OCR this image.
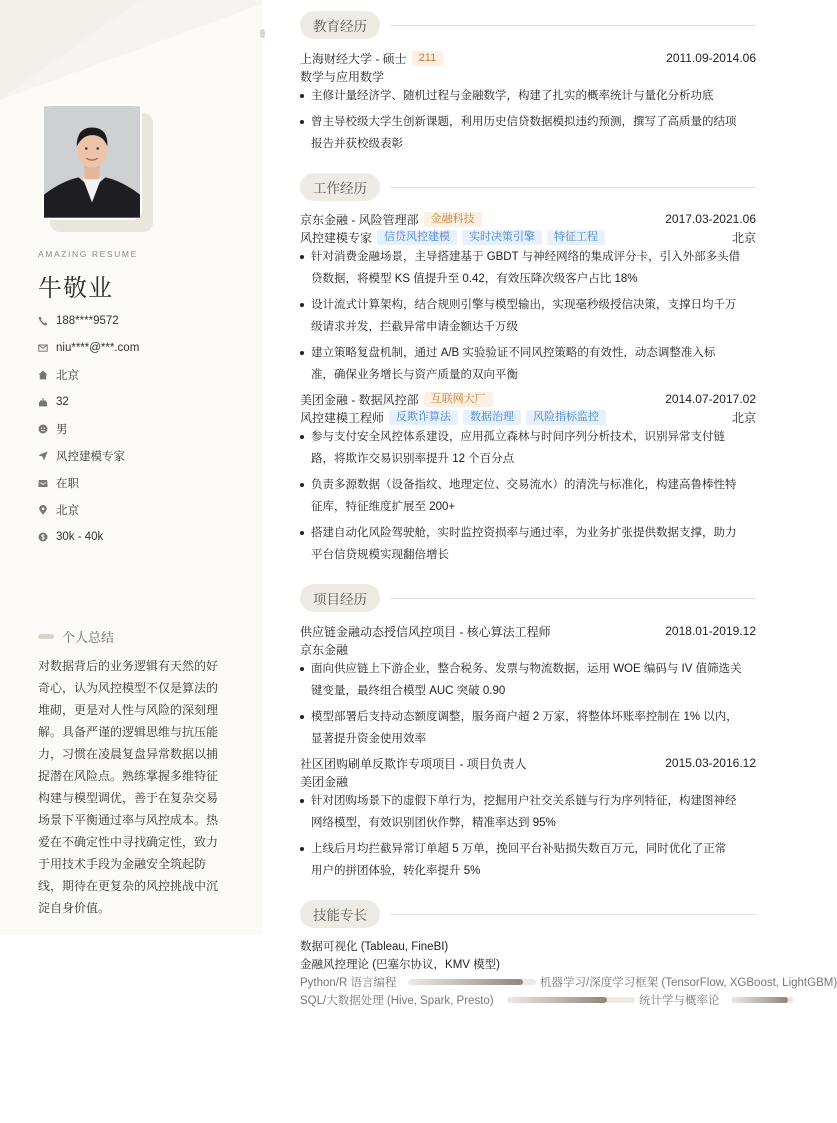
AMAZING RESUME
牛敬业
188****9572
niu****@***.com
北京
32
男
风控建模专家
在职
北京
30k - 40k
个人总结
对数据背后的业务逻辑有天然的好
奇心，认为风控模型不仅是算法的
堆砌，更是对人性与风险的深刻理
解。具备严谨的逻辑思维与抗压能
力，习惯在凌晨复盘异常数据以捕
捉潜在风险点。熟练掌握多维特征
构建与模型调优，善于在复杂交易
场景下平衡通过率与风控成本。热
爱在不确定性中寻找确定性，致力
于用技术手段为金融安全筑起防
线，期待在更复杂的风控挑战中沉
淀自身价值。
教育经历
上海财经大学 - 硕士	211	2011.09-2014.06
数学与应用数学
主修计量经济学、随机过程与金融数学，构建了扎实的概率统计与量化分析功底
曾主导校级大学生创新课题，利用历史信贷数据模拟违约预测，撰写了高质量的结项
报告并获校级表彰
工作经历
京东金融 - 风险管理部	金融科技	2017.03-2021.06
风控建模专家	信贷风控建模	实时决策引擎	特征工程	北京
针对消费金融场景，主导搭建基于 GBDT 与神经网络的集成评分卡，引入外部多头借
贷数据，将模型 KS 值提升至 0.42，有效压降次级客户占比 18%
设计流式计算架构，结合规则引擎与模型输出，实现毫秒级授信决策，支撑日均千万
级请求并发，拦截异常申请金额达千万级
建立策略复盘机制，通过 A/B 实验验证不同风控策略的有效性，动态调整准入标
准，确保业务增长与资产质量的双向平衡
美团金融 - 数据风控部	互联网大厂	2014.07-2017.02
风控建模工程师	反欺诈算法	数据治理	风险指标监控	北京
参与支付安全风控体系建设，应用孤立森林与时间序列分析技术，识别异常支付链
路，将欺诈交易识别率提升 12 个百分点
负责多源数据（设备指纹、地理定位、交易流水）的清洗与标准化，构建高鲁棒性特
征库，特征维度扩展至 200+
搭建自动化风险驾驶舱，实时监控资损率与通过率，为业务扩张提供数据支撑，助力
平台信贷规模实现翻倍增长
项目经历
供应链金融动态授信风控项目 - 核心算法工程师	2018.01-2019.12
京东金融
面向供应链上下游企业，整合税务、发票与物流数据，运用 WOE 编码与 IV 值筛选关
键变量，最终组合模型 AUC 突破 0.90
模型部署后支持动态额度调整，服务商户超 2 万家，将整体坏账率控制在 1% 以内，
显著提升资金使用效率
社区团购刷单反欺诈专项项目 - 项目负责人	2015.03-2016.12
美团金融
针对团购场景下的虚假下单行为，挖掘用户社交关系链与行为序列特征，构建图神经
网络模型，有效识别团伙作弊，精准率达到 95%
上线后月均拦截异常订单超 5 万单，挽回平台补贴损失数百万元，同时优化了正常
用户的拼团体验，转化率提升 5%
技能专长
数据可视化 (Tableau, FineBI)
金融风控理论 (巴塞尔协议，KMV 模型)
Python/R 语言编程	机器学习/深度学习框架 (TensorFlow, XGBoost, LightGBM)
SQL/大数据处理 (Hive, Spark, Presto)	统计学与概率论
